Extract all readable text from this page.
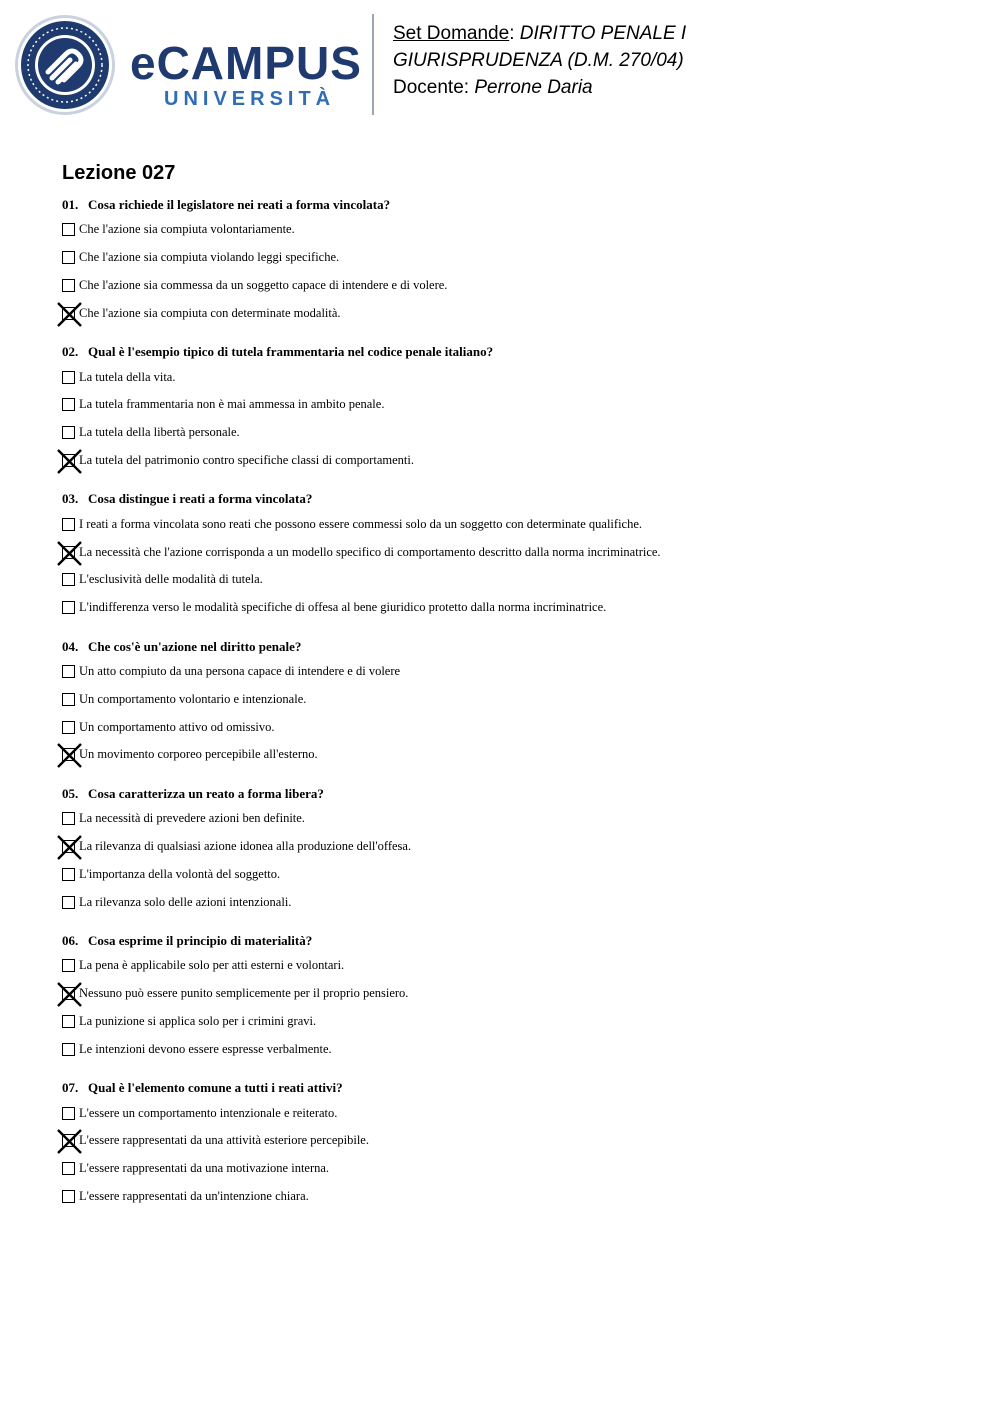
eCAMPUS
UNIVERSITÀ
Set Domande: DIRITTO PENALE I
GIURISPRUDENZA (D.M. 270/04)
Docente: Perrone Daria
Lezione 027
01. Cosa richiede il legislatore nei reati a forma vincolata?
Che l'azione sia compiuta volontariamente.
Che l'azione sia compiuta violando leggi specifiche.
Che l'azione sia commessa da un soggetto capace di intendere e di volere.
Che l'azione sia compiuta con determinate modalità.
02. Qual è l'esempio tipico di tutela frammentaria nel codice penale italiano?
La tutela della vita.
La tutela frammentaria non è mai ammessa in ambito penale.
La tutela della libertà personale.
La tutela del patrimonio contro specifiche classi di comportamenti.
03. Cosa distingue i reati a forma vincolata?
I reati a forma vincolata sono reati che possono essere commessi solo da un soggetto con determinate qualifiche.
La necessità che l'azione corrisponda a un modello specifico di comportamento descritto dalla norma incriminatrice.
L'esclusività delle modalità di tutela.
L'indifferenza verso le modalità specifiche di offesa al bene giuridico protetto dalla norma incriminatrice.
04. Che cos'è un'azione nel diritto penale?
Un atto compiuto da una persona capace di intendere e di volere
Un comportamento volontario e intenzionale.
Un comportamento attivo od omissivo.
Un movimento corporeo percepibile all'esterno.
05. Cosa caratterizza un reato a forma libera?
La necessità di prevedere azioni ben definite.
La rilevanza di qualsiasi azione idonea alla produzione dell'offesa.
L'importanza della volontà del soggetto.
La rilevanza solo delle azioni intenzionali.
06. Cosa esprime il principio di materialità?
La pena è applicabile solo per atti esterni e volontari.
Nessuno può essere punito semplicemente per il proprio pensiero.
La punizione si applica solo per i crimini gravi.
Le intenzioni devono essere espresse verbalmente.
07. Qual è l'elemento comune a tutti i reati attivi?
L'essere un comportamento intenzionale e reiterato.
L'essere rappresentati da una attività esteriore percepibile.
L'essere rappresentati da una motivazione interna.
L'essere rappresentati da un'intenzione chiara.
